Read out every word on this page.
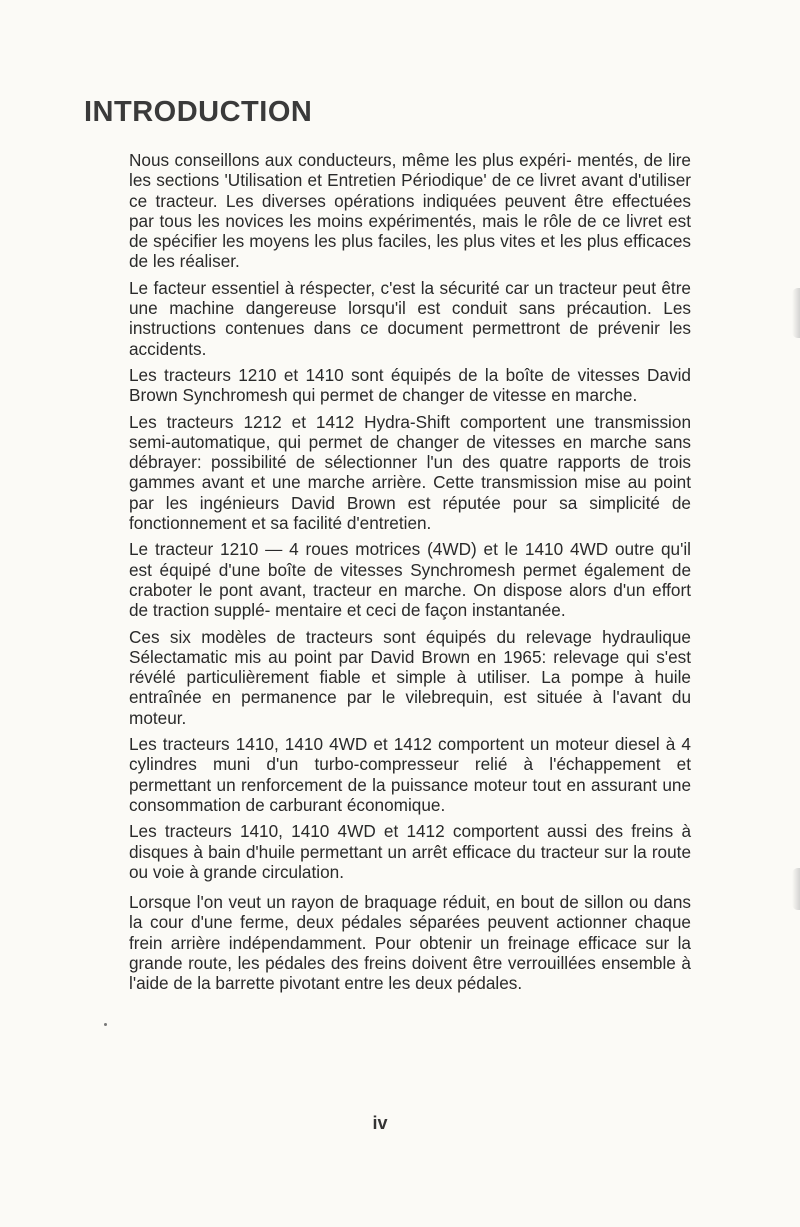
INTRODUCTION

Nous conseillons aux conducteurs, même les plus expéri- mentés, de lire les sections 'Utilisation et Entretien Périodique' de ce livret avant d'utiliser ce tracteur. Les diverses opérations indiquées peuvent être effectuées par tous les novices les moins expérimentés, mais le rôle de ce livret est de spécifier les moyens les plus faciles, les plus vites et les plus efficaces de les réaliser.

Le facteur essentiel à réspecter, c'est la sécurité car un tracteur peut être une machine dangereuse lorsqu'il est conduit sans précaution. Les instructions contenues dans ce document permettront de prévenir les accidents.

Les tracteurs 1210 et 1410 sont équipés de la boîte de vitesses David Brown Synchromesh qui permet de changer de vitesse en marche.

Les tracteurs 1212 et 1412 Hydra-Shift comportent une transmission semi-automatique, qui permet de changer de vitesses en marche sans débrayer: possibilité de sélectionner l'un des quatre rapports de trois gammes avant et une marche arrière. Cette transmission mise au point par les ingénieurs David Brown est réputée pour sa simplicité de fonctionnement et sa facilité d'entretien.

Le tracteur 1210 — 4 roues motrices (4WD) et le 1410 4WD outre qu'il est équipé d'une boîte de vitesses Synchromesh permet également de craboter le pont avant, tracteur en marche. On dispose alors d'un effort de traction supplé- mentaire et ceci de façon instantanée.

Ces six modèles de tracteurs sont équipés du relevage hydraulique Sélectamatic mis au point par David Brown en 1965: relevage qui s'est révélé particulièrement fiable et simple à utiliser. La pompe à huile entraînée en permanence par le vilebrequin, est située à l'avant du moteur.

Les tracteurs 1410, 1410 4WD et 1412 comportent un moteur diesel à 4 cylindres muni d'un turbo-compresseur relié à l'échappement et permettant un renforcement de la puissance moteur tout en assurant une consommation de carburant économique.

Les tracteurs 1410, 1410 4WD et 1412 comportent aussi des freins à disques à bain d'huile permettant un arrêt efficace du tracteur sur la route ou voie à grande circulation.

Lorsque l'on veut un rayon de braquage réduit, en bout de sillon ou dans la cour d'une ferme, deux pédales séparées peuvent actionner chaque frein arrière indépendamment. Pour obtenir un freinage efficace sur la grande route, les pédales des freins doivent être verrouillées ensemble à l'aide de la barrette pivotant entre les deux pédales.

iv
